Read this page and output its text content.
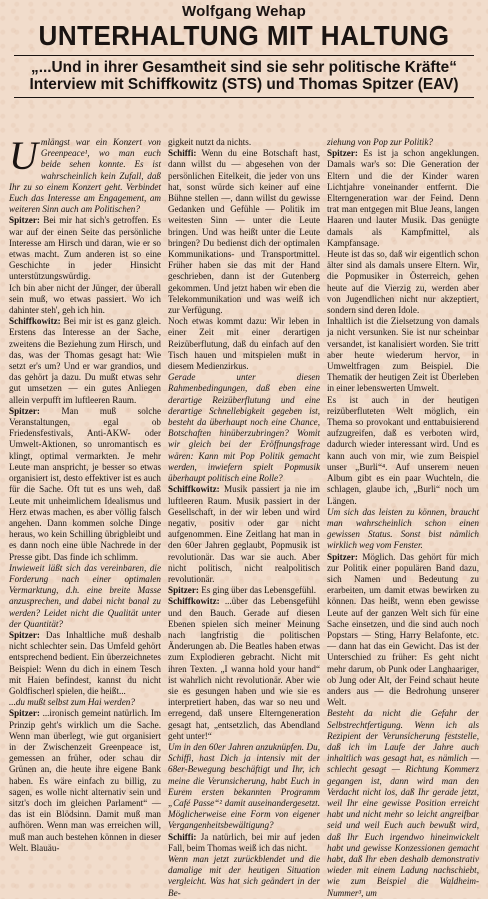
Wolfgang Wehap
UNTERHALTUNG MIT HALTUNG
„...Und in ihrer Gesamtheit sind sie sehr politische Kräfte“
Interview mit Schiffkowitz (STS) und Thomas Spitzer (EAV)

Umlängst war ein Konzert von Greenpeace¹, wo man euch beide sehen konnte. Es ist wahrscheinlich kein Zufall, daß Ihr zu so einem Konzert geht. Verbindet Euch das Interesse am Engagement, am weiteren Sinn auch am Politischen?

Spitzer: Bei mir hat sich's getroffen. Es war auf der einen Seite das persönliche Interesse am Hirsch und daran, wie er so etwas macht. Zum anderen ist so eine Geschichte in jeder Hinsicht unterstützungswürdig.

Ich bin aber nicht der Jünger, der überall sein muß, wo etwas passiert. Wo ich dahinter steh', geh ich hin.

Schiffkowitz: Bei mir ist es ganz gleich. Erstens das Interesse an der Sache, zweitens die Beziehung zum Hirsch, und das, was der Thomas gesagt hat: Wie setzt er's um? Und er war grandios, und das gehört ja dazu. Du mußt etwas sehr gut umsetzen — ein gutes Anliegen allein verpufft im luftleeren Raum.

Spitzer: Man muß solche Veranstaltungen, egal ob Friedensfestivals, Anti-AKW- oder Umwelt-Aktionen, so unromantisch es klingt, optimal vermarkten. Je mehr Leute man anspricht, je besser so etwas organisiert ist, desto effektiver ist es auch für die Sache. Oft tut es uns weh, daß Leute mit unheimlichem Idealismus und Herz etwas machen, es aber völlig falsch angehen. Dann kommen solche Dinge heraus, wo kein Schilling übrigbleibt und es dann noch eine üble Nachrede in der Presse gibt. Das finde ich schlimm.

Inwieweit läßt sich das vereinbaren, die Forderung nach einer optimalen Vermarktung, d.h. eine breite Masse anzusprechen, und dabei nicht banal zu werden? Leidet nicht die Qualität unter der Quantität?

Spitzer: Das Inhaltliche muß deshalb nicht schlechter sein. Das Umfeld gehört entsprechend bedient. Ein überzeichnetes Beispiel: Wenn du dich in einem Tesch mit Haien befindest, kannst du nicht Goldfischerl spielen, die heißt...

...du mußt selbst zum Hai werden?

Spitzer: ...ironisch gemeint natürlich. Im Prinzip geht's wirklich um die Sache. Wenn man überlegt, wie gut organisiert in der Zwischenzeit Greenpeace ist, gemessen an früher, oder schau dir Grünen an, die heute ihre eigene Bank haben. Es wäre einfach zu billig, zu sagen, es wolle nicht alternativ sein und sitzt's doch im gleichen Parlament“ — das ist ein Blödsinn. Damit muß man aufhören. Wenn man was erreichen will, muß man auch bestehen können in dieser Welt. Blauäu-

gigkeit nutzt da nichts.

Schiffi: Wenn du eine Botschaft hast, dann willst du — abgesehen von der persönlichen Eitelkeit, die jeder von uns hat, sonst würde sich keiner auf eine Bühne stellen —, dann willst du gewisse Gedanken und Gefühle — Politik im weitesten Sinn — unter die Leute bringen. Und was heißt unter die Leute bringen? Du bedienst dich der optimalen Kommunikations- und Transportmittel. Früher haben sie das mit der Hand geschrieben, dann ist der Gutenberg gekommen. Und jetzt haben wir eben die Telekommunikation und was weiß ich zur Verfügung.

Noch etwas kommt dazu: Wir leben in einer Zeit mit einer derartigen Reizüberflutung, daß du einfach auf den Tisch hauen und mitspielen mußt in diesem Medienzirkus.

Gerade unter diesen Rahmenbedingungen, daß eben eine derartige Reizüberflutung und eine derartige Schnellebigkeit gegeben ist, besteht da überhaupt noch eine Chance, Botschaften hinüberzubringen? Womit wir gleich bei der Eröffnungsfrage wären: Kann mit Pop Politik gemacht werden, inwiefern spielt Popmusik überhaupt politisch eine Rolle?

Schiffkowitz: Musik passiert ja nie im luftleeren Raum. Musik passiert in der Gesellschaft, in der wir leben und wird negativ, positiv oder gar nicht aufgenommen. Eine Zeitlang hat man in den 60er Jahren geglaubt, Popmusik ist revolutionär. Das war sie auch. Aber nicht politisch, nicht realpolitisch revolutionär.

Spitzer: Es ging über das Lebensgefühl.

Schiffkowitz: ...über das Lebensgefühl und den Bauch. Gerade auf diesen Ebenen spielen sich meiner Meinung nach langfristig die politischen Änderungen ab. Die Beatles haben etwas zum Explodieren gebracht. Nicht mit ihren Texten. „I wanna hold your hand“ ist wahrlich nicht revolutionär. Aber wie sie es gesungen haben und wie sie es interpretiert haben, das war so neu und erregend, daß unsere Elterngeneration gesagt hat, „entsetzlich, das Abendland geht unter!“

Um in den 60er Jahren anzuknüpfen. Du, Schiffi, hast Dich ja intensiv mit der 68er-Bewegung beschäftigt und Ihr, ich meine die Verunsicherung, habt Euch in Eurem ersten bekannten Programm „Café Passe“² damit auseinandergesetzt. Möglicherweise eine Form von eigener Vergangenheitsbewältigung?

Schiffi: Ja natürlich, bei mir auf jeden Fall, beim Thomas weiß ich das nicht.

Wenn man jetzt zurückblendet und die damalige mit der heutigen Situation vergleicht. Was hat sich geändert in der Be-

ziehung von Pop zur Politik?

Spitzer: Es ist ja schon angeklungen. Damals war's so: Die Generation der Eltern und die der Kinder waren Lichtjahre voneinander entfernt. Die Elterngeneration war der Feind. Denn trat man entgegen mit Blue Jeans, langen Haaren und lauter Musik. Das genügte damals als Kampfmittel, als Kampfansage.

Heute ist das so, daß wir eigentlich schon älter sind als damals unsere Eltern. Wir, die Popmusiker in Österreich, gehen heute auf die Vierzig zu, werden aber von Jugendlichen nicht nur akzeptiert, sondern sind deren Idole.

Inhaltlich ist die Zielsetzung von damals ja nicht versunken. Sie ist nur scheinbar versandet, ist kanalisiert worden. Sie tritt aber heute wiederum hervor, in Umweltfragen zum Beispiel. Die Thematik der heutigen Zeit ist Überleben in einer lebenswerten Umwelt.

Es ist auch in der heutigen reizüberfluteten Welt möglich, ein Thema so provokant und enttabuisierend aufzugreifen, daß es verboten wird, dadurch wieder interessant wird. Und es kann auch von mir, wie zum Beispiel unser „Burli“⁴. Auf unserem neuen Album gibt es ein paar Wuchteln, die schlagen, glaube ich, „Burli“ noch um Längen.

Um sich das leisten zu können, braucht man wahrscheinlich schon einen gewissen Status. Sonst bist nämlich wirklich weg vom Fenster.

Spitzer: Möglich. Das gehört für mich zur Politik einer populären Band dazu, sich Namen und Bedeutung zu erarbeiten, um damit etwas bewirken zu können. Das heißt, wenn eben gewisse Leute auf der ganzen Welt sich für eine Sache einsetzen, und die sind auch noch Popstars — Sting, Harry Belafonte, etc. — dann hat das ein Gewicht. Das ist der Unterschied zu früher: Es geht nicht mehr darum, ob Punk oder Langhaariger, ob Jung oder Alt, der Feind schaut heute anders aus — die Bedrohung unserer Welt.

Besteht da nicht die Gefahr der Selbstrechtfertigung. Wenn ich als Rezipient der Verunsicherung feststelle, daß ich im Laufe der Jahre auch inhaltlich was gesagt hat, es nämlich — schlecht gesagt — Richtung Kommerz gegangen ist, dann wird man den Verdacht nicht los, daß Ihr gerade jetzt, weil Ihr eine gewisse Position erreicht habt und nicht mehr so leicht angreifbar seid und weil Euch auch bewußt wird, daß Ihr Euch irgendwo hineinwickelt habt und gewisse Konzessionen gemacht habt, daß Ihr eben deshalb demonstrativ wieder mit einem Ladung nachschiebt, wie zum Beispiel die Waldheim-Nummer³, um
